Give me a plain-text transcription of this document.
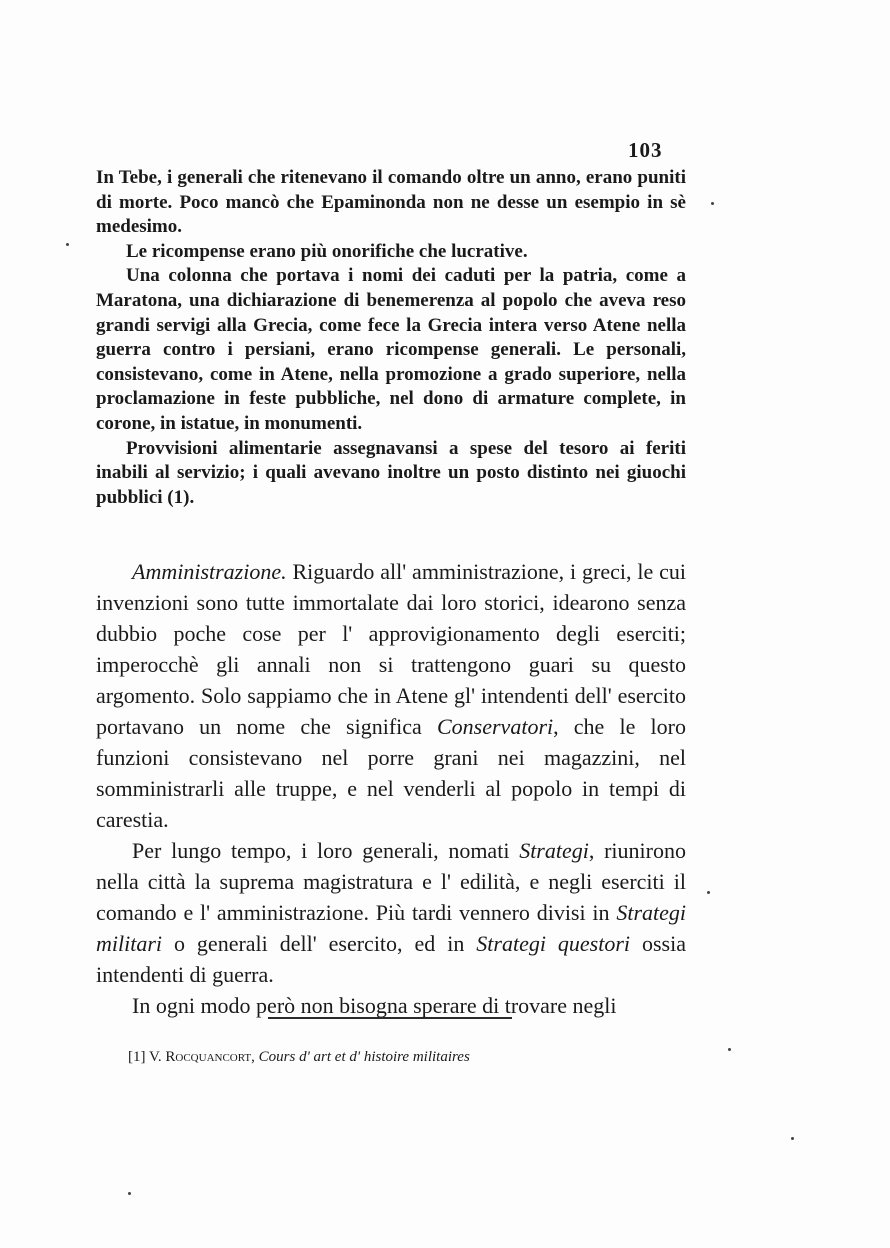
103

In Tebe, i generali che ritenevano il comando oltre un anno, erano puniti di morte. Poco mancò che Epaminonda non ne desse un esempio in sè medesimo.

Le ricompense erano più onorifiche che lucrative.

Una colonna che portava i nomi dei caduti per la patria, come a Maratona, una dichiarazione di benemerenza al popolo che aveva reso grandi servigi alla Grecia, come fece la Grecia intera verso Atene nella guerra contro i persiani, erano ricompense generali. Le personali, consistevano, come in Atene, nella promozione a grado superiore, nella proclamazione in feste pubbliche, nel dono di armature complete, in corone, in istatue, in monumenti.

Provvisioni alimentarie assegnavansi a spese del tesoro ai feriti inabili al servizio; i quali avevano inoltre un posto distinto nei giuochi pubblici (1).

Amministrazione. Riguardo all' amministrazione, i greci, le cui invenzioni sono tutte immortalate dai loro storici, idearono senza dubbio poche cose per l' approvigionamento degli eserciti; imperocchè gli annali non si trattengono guari su questo argomento. Solo sappiamo che in Atene gl' intendenti dell' esercito portavano un nome che significa Conservatori, che le loro funzioni consistevano nel porre grani nei magazzini, nel somministrarli alle truppe, e nel venderli al popolo in tempi di carestia.

Per lungo tempo, i loro generali, nomati Strategi, riunirono nella città la suprema magistratura e l' edilità, e negli eserciti il comando e l' amministrazione. Più tardi vennero divisi in Strategi militari o generali dell' esercito, ed in Strategi questori ossia intendenti di guerra.

In ogni modo però non bisogna sperare di trovare negli

[1] V. Rocquancort, Cours d' art et d' histoire militaires
